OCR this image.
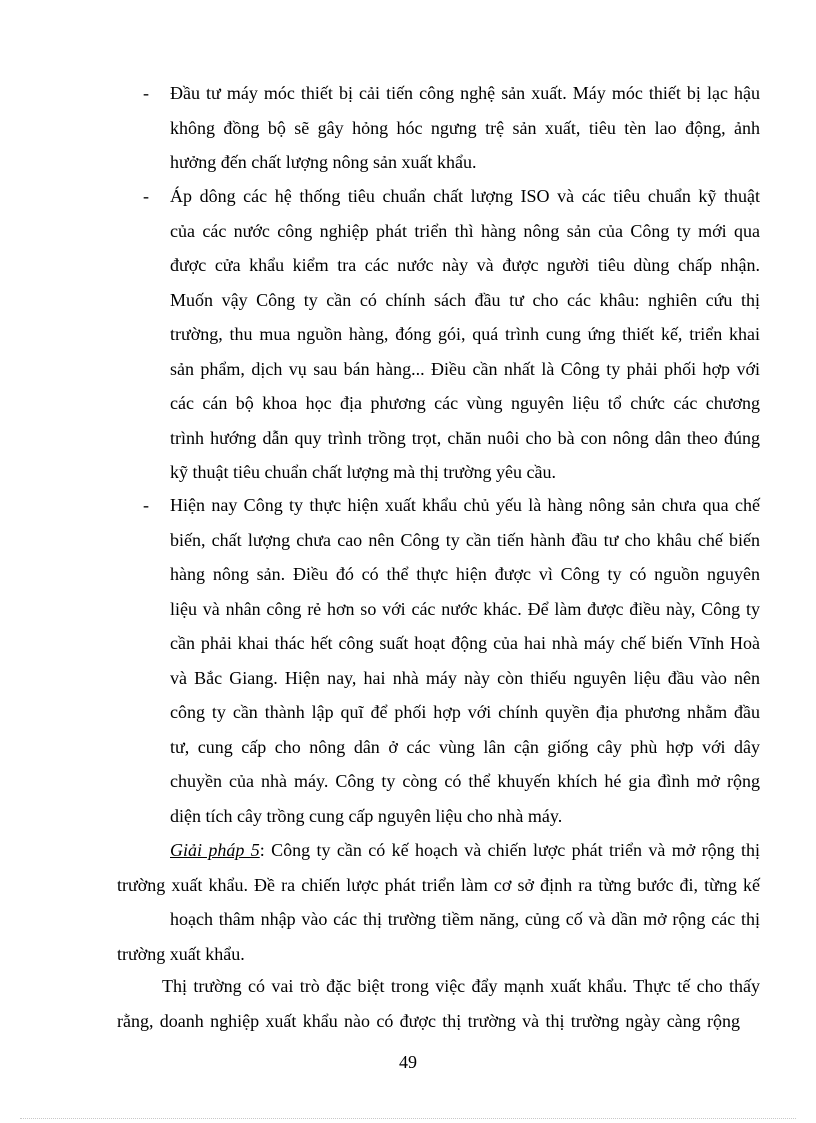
- Đầu tư máy móc thiết bị cải tiến công nghệ sản xuất. Máy móc thiết bị lạc hậu
không đồng bộ sẽ gây hỏng hóc ngưng trệ sản xuất, tiêu tèn lao động, ảnh
hưởng đến chất lượng nông sản xuất khẩu.
- Áp dông các hệ thống tiêu chuẩn chất lượng ISO và các tiêu chuẩn kỹ thuật
của các nước công nghiệp phát triển thì hàng nông sản của Công ty mới qua
được cửa khẩu kiểm tra các nước này và được người tiêu dùng chấp nhận.
Muốn vậy Công ty cần có chính sách đầu tư cho các khâu: nghiên cứu thị
trường, thu mua nguồn hàng, đóng gói, quá trình cung ứng thiết kế, triển khai
sản phẩm, dịch vụ sau bán hàng... Điều cần nhất là Công ty phải phối hợp với
các cán bộ khoa học địa phương các vùng nguyên liệu tổ chức các chương
trình hướng dẫn quy trình trồng trọt, chăn nuôi cho bà con nông dân theo đúng
kỹ thuật tiêu chuẩn chất lượng mà thị trường yêu cầu.
- Hiện nay Công ty thực hiện xuất khẩu chủ yếu là hàng nông sản chưa qua chế
biến, chất lượng chưa cao nên Công ty cần tiến hành đầu tư cho khâu chế biến
hàng nông sản. Điều đó có thể thực hiện được vì Công ty có nguồn nguyên
liệu và nhân công rẻ hơn so với các nước khác. Để làm được điều này, Công ty
cần phải khai thác hết công suất hoạt động của hai nhà máy chế biến Vĩnh Hoà
và Bắc Giang. Hiện nay, hai nhà máy này còn thiếu nguyên liệu đầu vào nên
công ty cần thành lập quĩ để phối hợp với chính quyền địa phương nhằm đầu
tư, cung cấp cho nông dân ở các vùng lân cận giống cây phù hợp với dây
chuyền của nhà máy. Công ty còng có thể khuyến khích hé gia đình mở rộng
diện tích cây trồng cung cấp nguyên liệu cho nhà máy.
Giải pháp 5: Công ty cần có kế hoạch và chiến lược phát triển và mở rộng thị
trường xuất khẩu. Đề ra chiến lược phát triển làm cơ sở định ra từng bước đi, từng kế
hoạch thâm nhập vào các thị trường tiềm năng, củng cố và dần mở rộng các thị
trường xuất khẩu.
Thị trường có vai trò đặc biệt trong việc đẩy mạnh xuất khẩu. Thực tế cho thấy
rằng, doanh nghiệp xuất khẩu nào có được thị trường và thị trường ngày càng rộng
49
